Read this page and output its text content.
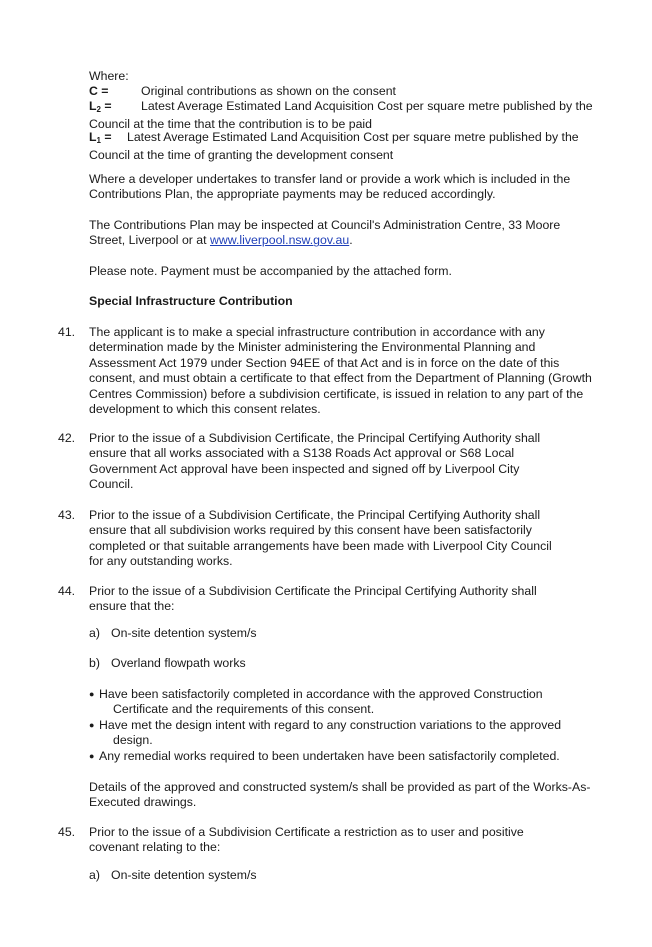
Where:
C =	Original contributions as shown on the consent
$L_2$ = Latest Average Estimated Land Acquisition Cost per square metre published by the Council at the time that the contribution is to be paid
$L_1$ = Latest Average Estimated Land Acquisition Cost per square metre published by the Council at the time of granting the development consent

Where a developer undertakes to transfer land or provide a work which is included in the Contributions Plan, the appropriate payments may be reduced accordingly.

The Contributions Plan may be inspected at Council's Administration Centre, 33 Moore Street, Liverpool or at www.liverpool.nsw.gov.au.

Please note. Payment must be accompanied by the attached form.

Special Infrastructure Contribution

41. The applicant is to make a special infrastructure contribution in accordance with any determination made by the Minister administering the Environmental Planning and Assessment Act 1979 under Section 94EE of that Act and is in force on the date of this consent, and must obtain a certificate to that effect from the Department of Planning (Growth Centres Commission) before a subdivision certificate, is issued in relation to any part of the development to which this consent relates.

42. Prior to the issue of a Subdivision Certificate, the Principal Certifying Authority shall ensure that all works associated with a S138 Roads Act approval or S68 Local Government Act approval have been inspected and signed off by Liverpool City Council.

43. Prior to the issue of a Subdivision Certificate, the Principal Certifying Authority shall ensure that all subdivision works required by this consent have been satisfactorily completed or that suitable arrangements have been made with Liverpool City Council for any outstanding works.

44. Prior to the issue of a Subdivision Certificate the Principal Certifying Authority shall ensure that the:

a) On-site detention system/s
b) Overland flowpath works
● Have been satisfactorily completed in accordance with the approved Construction Certificate and the requirements of this consent.
● Have met the design intent with regard to any construction variations to the approved design.
● Any remedial works required to been undertaken have been satisfactorily completed.

Details of the approved and constructed system/s shall be provided as part of the Works-As-Executed drawings.

45. Prior to the issue of a Subdivision Certificate a restriction as to user and positive covenant relating to the:

a) On-site detention system/s
